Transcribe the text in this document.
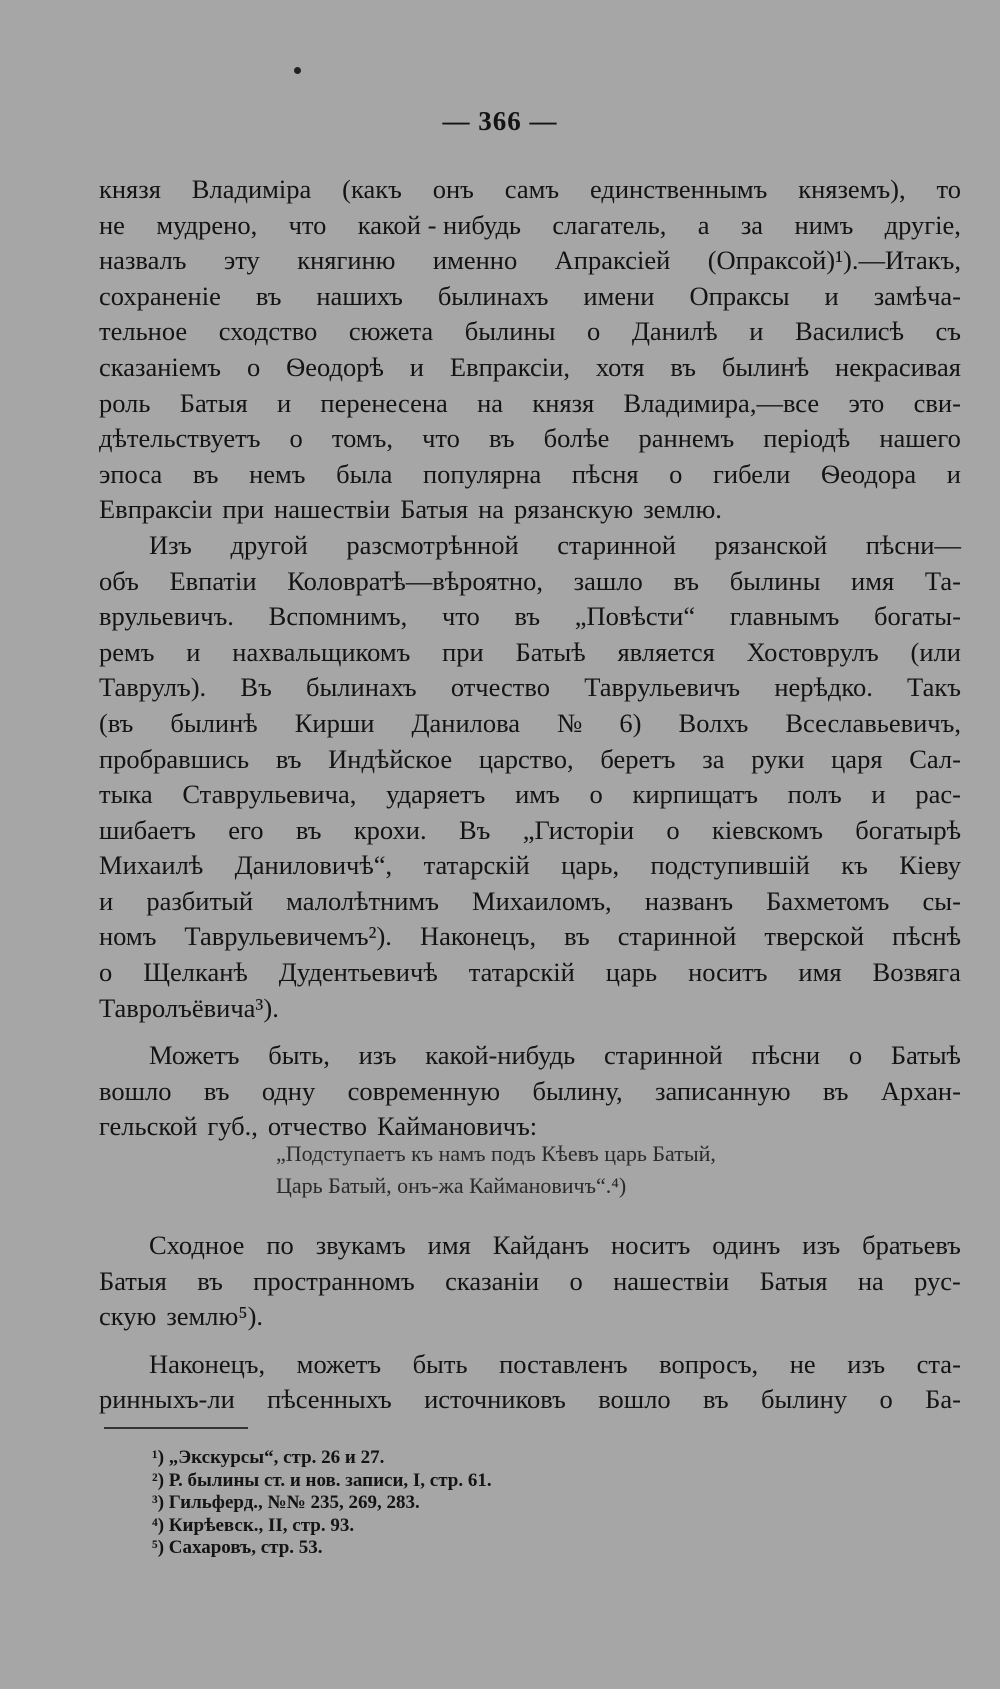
— 366 —
князя Владиміра (какъ онъ самъ единственнымъ княземъ), то
не мудрено, что какой - нибудь слагатель, а за нимъ другіе,
назвалъ эту княгиню именно Апраксіей (Опраксой)¹).—Итакъ,
сохраненіе въ нашихъ былинахъ имени Опраксы и замѣча-
тельное сходство сюжета былины о Данилѣ и Василисѣ съ
сказаніемъ о Ѳеодорѣ и Евпраксіи, хотя въ былинѣ некрасивая
роль Батыя и перенесена на князя Владимира,—все это сви-
дѣтельствуетъ о томъ, что въ болѣе раннемъ періодѣ нашего
эпоса въ немъ была популярна пѣсня о гибели Ѳеодора и
Евпраксіи при нашествіи Батыя на рязанскую землю.
Изъ другой разсмотрѣнной старинной рязанской пѣсни—
объ Евпатіи Коловратѣ—вѣроятно, зашло въ былины имя Та-
врульевичъ. Вспомнимъ, что въ „Повѣсти“ главнымъ богаты-
ремъ и нахвальщикомъ при Батыѣ является Хостоврулъ (или
Таврулъ). Въ былинахъ отчество Тавpульевичъ нерѣдко. Такъ
(въ былинѣ Кирши Данилова № 6) Волхъ Всеславьевичъ,
пробравшись въ Индѣйское царство, беретъ за руки царя Сал-
тыка Ставрульевича, ударяетъ имъ о кирпищатъ полъ и рас-
шибаетъ его въ крохи. Въ „Гисторіи о кіевскомъ богатырѣ
Михаилѣ Даниловичѣ“, татарскій царь, подступившій къ Кіеву
и разбитый малолѣтнимъ Михаиломъ, названъ Бахметомъ сы-
номъ Таврульевичемъ²). Наконецъ, въ старинной тверской пѣснѣ
о Щелканѣ Дудентьевичѣ татарскій царь носитъ имя Возвяга
Тавролъёвича³).
Можетъ быть, изъ какой-нибудь старинной пѣсни о Батыѣ
вошло въ одну современную былину, записанную въ Архан-
гельской губ., отчество Каймановичъ:
„Подступаетъ къ намъ подъ Кѣевъ царь Батый,
Царь Батый, онъ-жа Каймановичъ“.⁴)
Сходное по звукамъ имя Кайданъ носитъ одинъ изъ братьевъ
Батыя въ пространномъ сказаніи о нашествіи Батыя на рус-
скую землю⁵).
Наконецъ, можетъ быть поставленъ вопросъ, не изъ ста-
ринныхъ-ли пѣсенныхъ источниковъ вошло въ былину о Ба-
¹) „Экскурсы“, стр. 26 и 27.
²) Р. былины ст. и нов. записи, I, стр. 61.
³) Гильферд., №№ 235, 269, 283.
⁴) Кирѣевск., II, стр. 93.
⁵) Сахаровъ, стр. 53.
